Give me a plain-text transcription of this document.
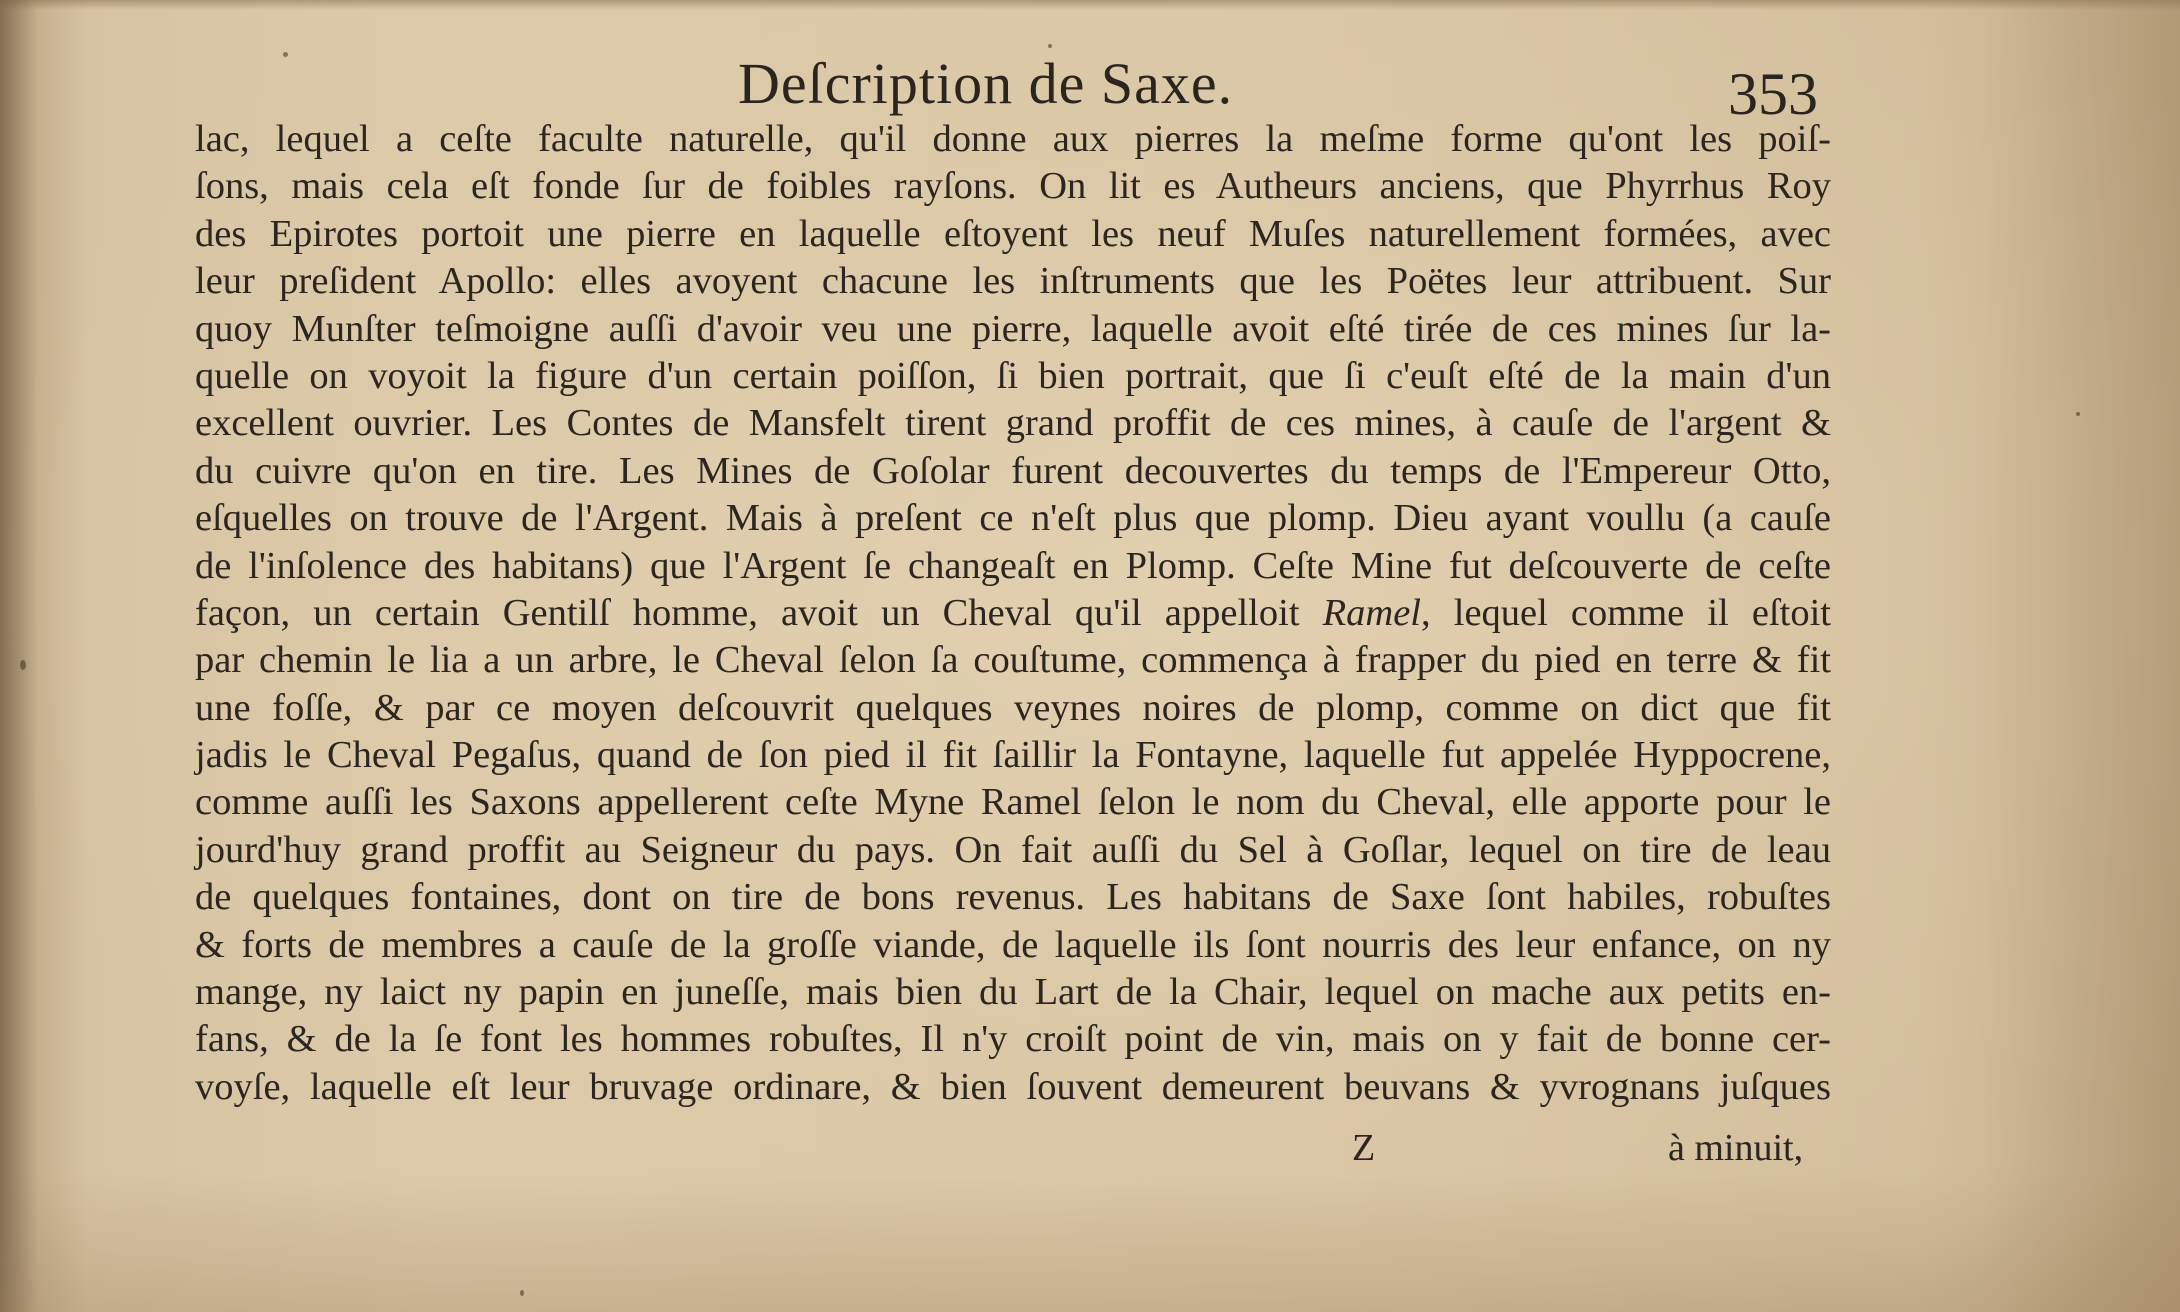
Deſcription de Saxe.	353
lac, lequel a ceſte faculte naturelle, qu'il donne aux pierres la meſme forme qu'ont les poiſ-
ſons, mais cela eſt fonde ſur de foibles rayſons. On lit es Autheurs anciens, que Phyrrhus Roy
des Epirotes portoit une pierre en laquelle eſtoyent les neuf Muſes naturellement formées, avec
leur preſident Apollo: elles avoyent chacune les inſtruments que les Poëtes leur attribuent. Sur
quoy Munſter teſmoigne auſſi d'avoir veu une pierre, laquelle avoit eſté tirée de ces mines ſur la-
quelle on voyoit la figure d'un certain poiſſon, ſi bien portrait, que ſi c'euſt eſté de la main d'un
excellent ouvrier. Les Contes de Mansfelt tirent grand proffit de ces mines, à cauſe de l'argent &
du cuivre qu'on en tire. Les Mines de Goſolar furent decouvertes du temps de l'Empereur Otto,
eſquelles on trouve de l'Argent. Mais à preſent ce n'eſt plus que plomp. Dieu ayant voullu (a cauſe
de l'inſolence des habitans) que l'Argent ſe changeaſt en Plomp. Ceſte Mine fut deſcouverte de ceſte
façon, un certain Gentilſ homme, avoit un Cheval qu'il appelloit Ramel, lequel comme il eſtoit
par chemin le lia a un arbre, le Cheval ſelon ſa couſtume, commença à frapper du pied en terre & fit
une foſſe, & par ce moyen deſcouvrit quelques veynes noires de plomp, comme on dict que fit
jadis le Cheval Pegaſus, quand de ſon pied il fit ſaillir la Fontayne, laquelle fut appelée Hyppocrene,
comme auſſi les Saxons appellerent ceſte Myne Ramel ſelon le nom du Cheval, elle apporte pour le
jourd'huy grand proffit au Seigneur du pays. On fait auſſi du Sel à Goſlar, lequel on tire de leau
de quelques fontaines, dont on tire de bons revenus. Les habitans de Saxe ſont habiles, robuſtes
& forts de membres a cauſe de la groſſe viande, de laquelle ils ſont nourris des leur enfance, on ny
mange, ny laict ny papin en juneſſe, mais bien du Lart de la Chair, lequel on mache aux petits en-
fans, & de la ſe font les hommes robuſtes, Il n'y croiſt point de vin, mais on y fait de bonne cer-
voyſe, laquelle eſt leur bruvage ordinare, & bien ſouvent demeurent beuvans & yvrognans juſques
Z	à minuit,
